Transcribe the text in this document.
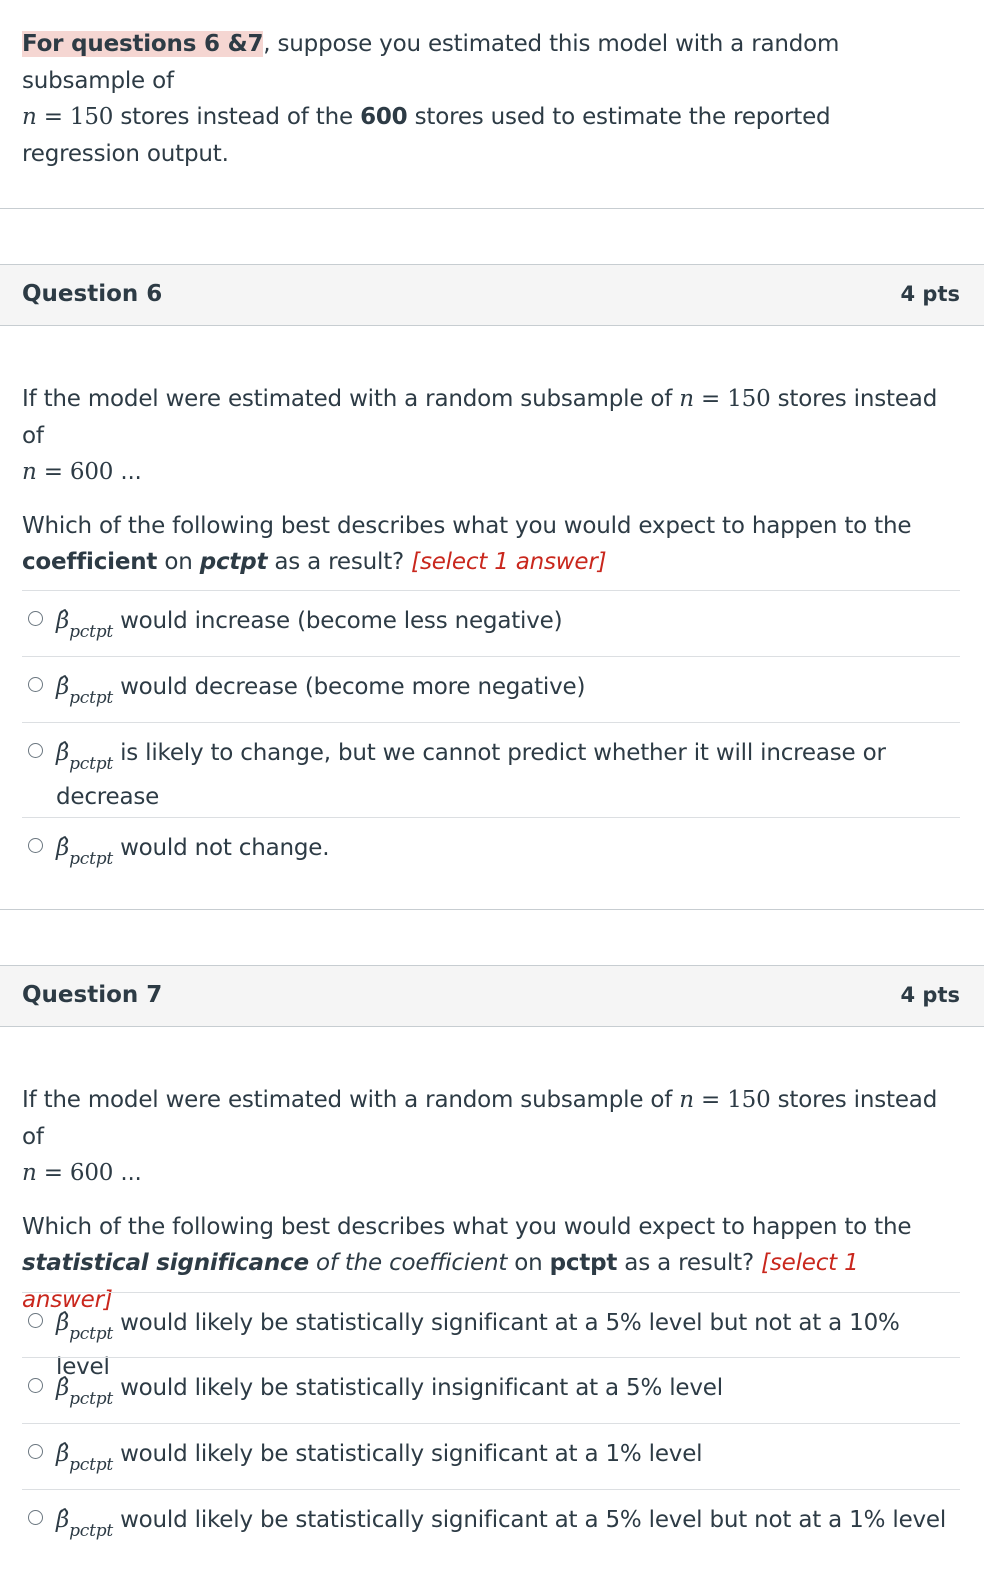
For questions 6 &7, suppose you estimated this model with a random subsample of
n = 150 stores instead of the 600 stores used to estimate the reported regression output.
Question 6	4 pts

If the model were estimated with a random subsample of n = 150 stores instead of
n = 600 ...

Which of the following best describes what you would expect to happen to the coefficient on pctpt as a result? [select 1 answer]

$\betâ_{pctpt}$ would increase (become less negative)
$\betâ_{pctpt}$ would decrease (become more negative)
$\betâ_{pctpt}$ is likely to change, but we cannot predict whether it will increase or decrease
$\betâ_{pctpt}$ would not change.
Question 7	4 pts

If the model were estimated with a random subsample of n = 150 stores instead of
n = 600 ...

Which of the following best describes what you would expect to happen to the statistical significance of the coefficient on pctpt as a result? [select 1 answer]

$\betâ_{pctpt}$ would likely be statistically significant at a 5% level but not at a 10% level
$\betâ_{pctpt}$ would likely be statistically insignificant at a 5% level
$\betâ_{pctpt}$ would likely be statistically significant at a 1% level
$\betâ_{pctpt}$ would likely be statistically significant at a 5% level but not at a 1% level
